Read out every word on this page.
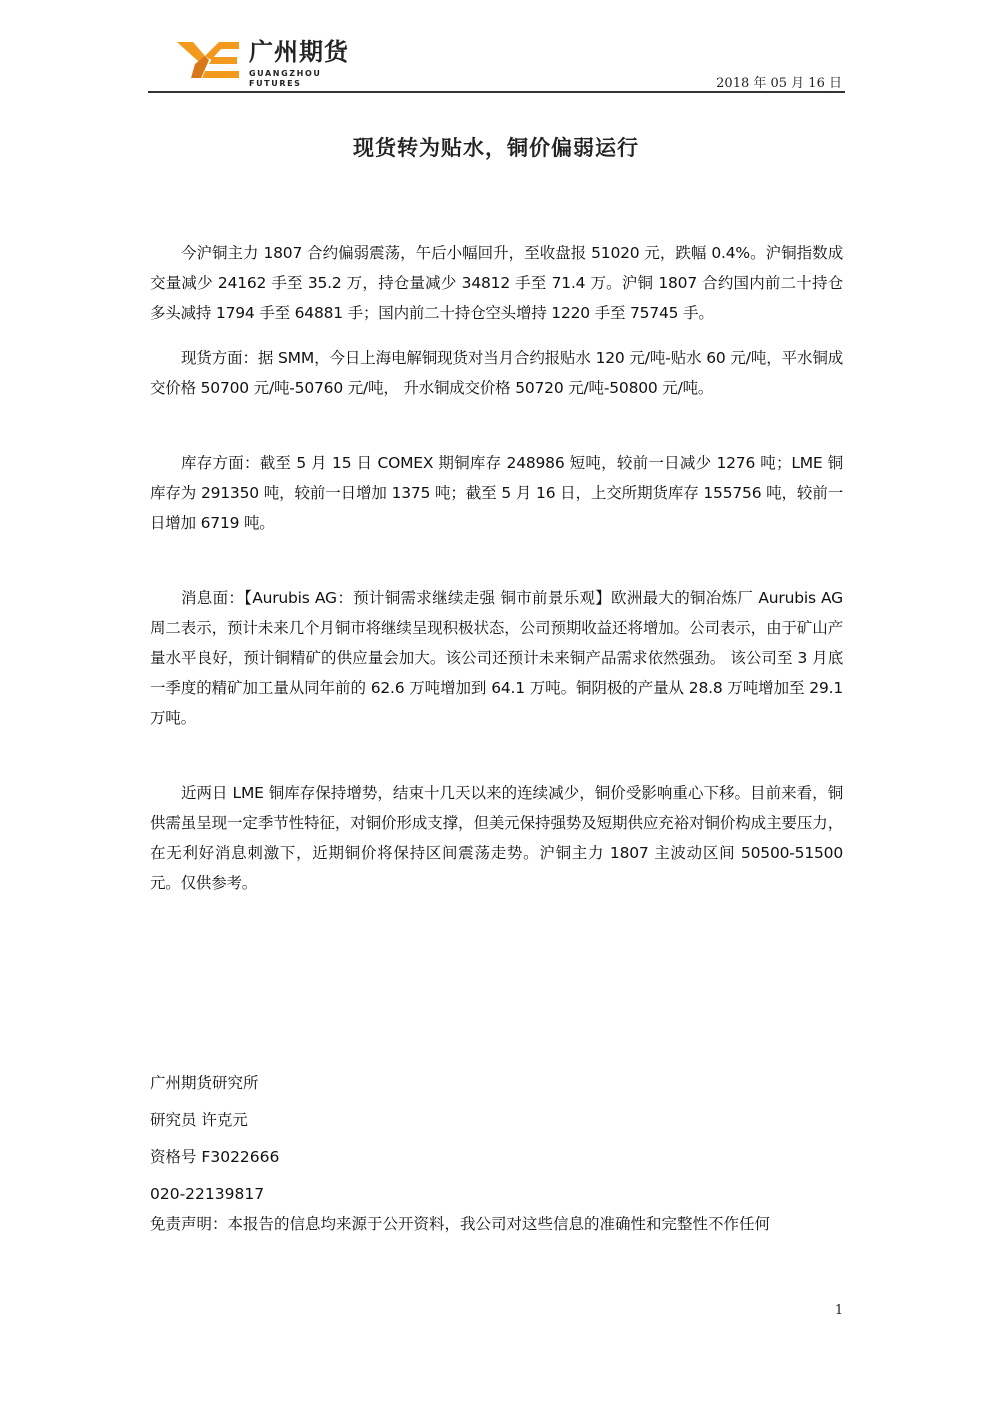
广州期货
GUANGZHOU FUTURES	2018 年 05 月 16 日
现货转为贴水，铜价偏弱运行

今沪铜主力 1807 合约偏弱震荡，午后小幅回升，至收盘报 51020 元，跌幅 0.4%。沪铜指数成交量减少 24162 手至 35.2 万，持仓量减少 34812 手至 71.4 万。沪铜 1807 合约国内前二十持仓多头减持 1794 手至 64881 手；国内前二十持仓空头增持 1220 手至 75745 手。

现货方面：据 SMM，今日上海电解铜现货对当月合约报贴水 120 元/吨-贴水 60 元/吨，平水铜成交价格 50700 元/吨-50760 元/吨， 升水铜成交价格 50720 元/吨-50800 元/吨。

库存方面：截至 5 月 15 日 COMEX 期铜库存 248986 短吨，较前一日减少 1276 吨；LME 铜库存为 291350 吨，较前一日增加 1375 吨；截至 5 月 16 日，上交所期货库存 155756 吨，较前一日增加 6719 吨。

消息面：【Aurubis AG：预计铜需求继续走强 铜市前景乐观】欧洲最大的铜冶炼厂 Aurubis AG 周二表示，预计未来几个月铜市将继续呈现积极状态，公司预期收益还将增加。公司表示，由于矿山产量水平良好，预计铜精矿的供应量会加大。该公司还预计未来铜产品需求依然强劲。 该公司至 3 月底一季度的精矿加工量从同年前的 62.6 万吨增加到 64.1 万吨。铜阴极的产量从 28.8 万吨增加至 29.1 万吨。

近两日 LME 铜库存保持增势，结束十几天以来的连续减少，铜价受影响重心下移。目前来看，铜供需虽呈现一定季节性特征，对铜价形成支撑，但美元保持强势及短期供应充裕对铜价构成主要压力，在无利好消息刺激下，近期铜价将保持区间震荡走势。沪铜主力 1807 主波动区间 50500-51500 元。仅供参考。

广州期货研究所

研究员 许克元

资格号 F3022666

020-22139817

免责声明：本报告的信息均来源于公开资料，我公司对这些信息的准确性和完整性不作任何

1
